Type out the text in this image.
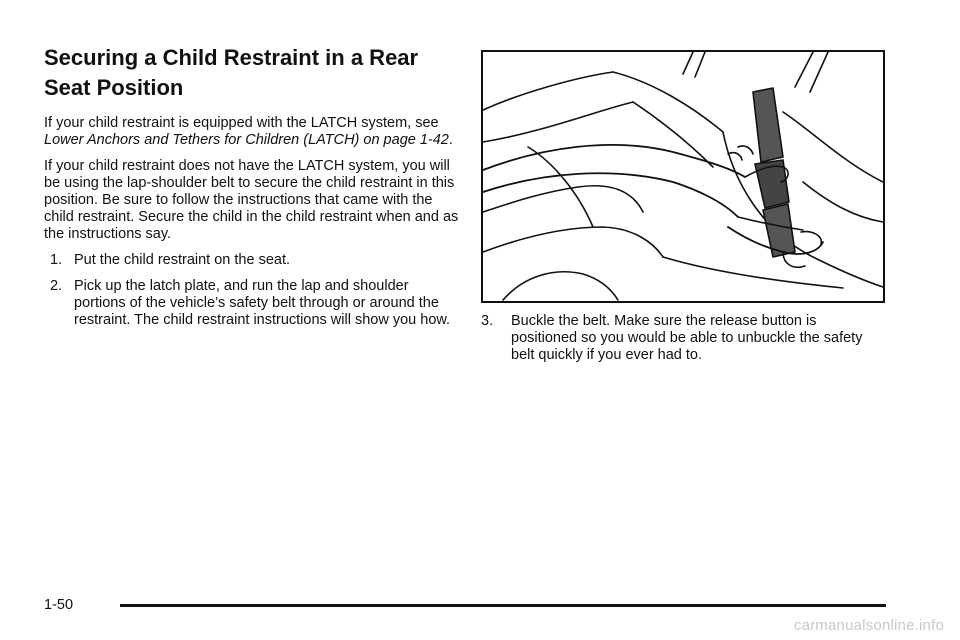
Securing a Child Restraint in a Rear Seat Position

If your child restraint is equipped with the LATCH system, see Lower Anchors and Tethers for Children (LATCH) on page 1-42.

If your child restraint does not have the LATCH system, you will be using the lap-shoulder belt to secure the child restraint in this position. Be sure to follow the instructions that came with the child restraint. Secure the child in the child restraint when and as the instructions say.

1. Put the child restraint on the seat.
2. Pick up the latch plate, and run the lap and shoulder portions of the vehicle’s safety belt through or around the restraint. The child restraint instructions will show you how.	3. Buckle the belt. Make sure the release button is positioned so you would be able to unbuckle the safety belt quickly if you ever had to.
1-50
carmanualsonline.info
